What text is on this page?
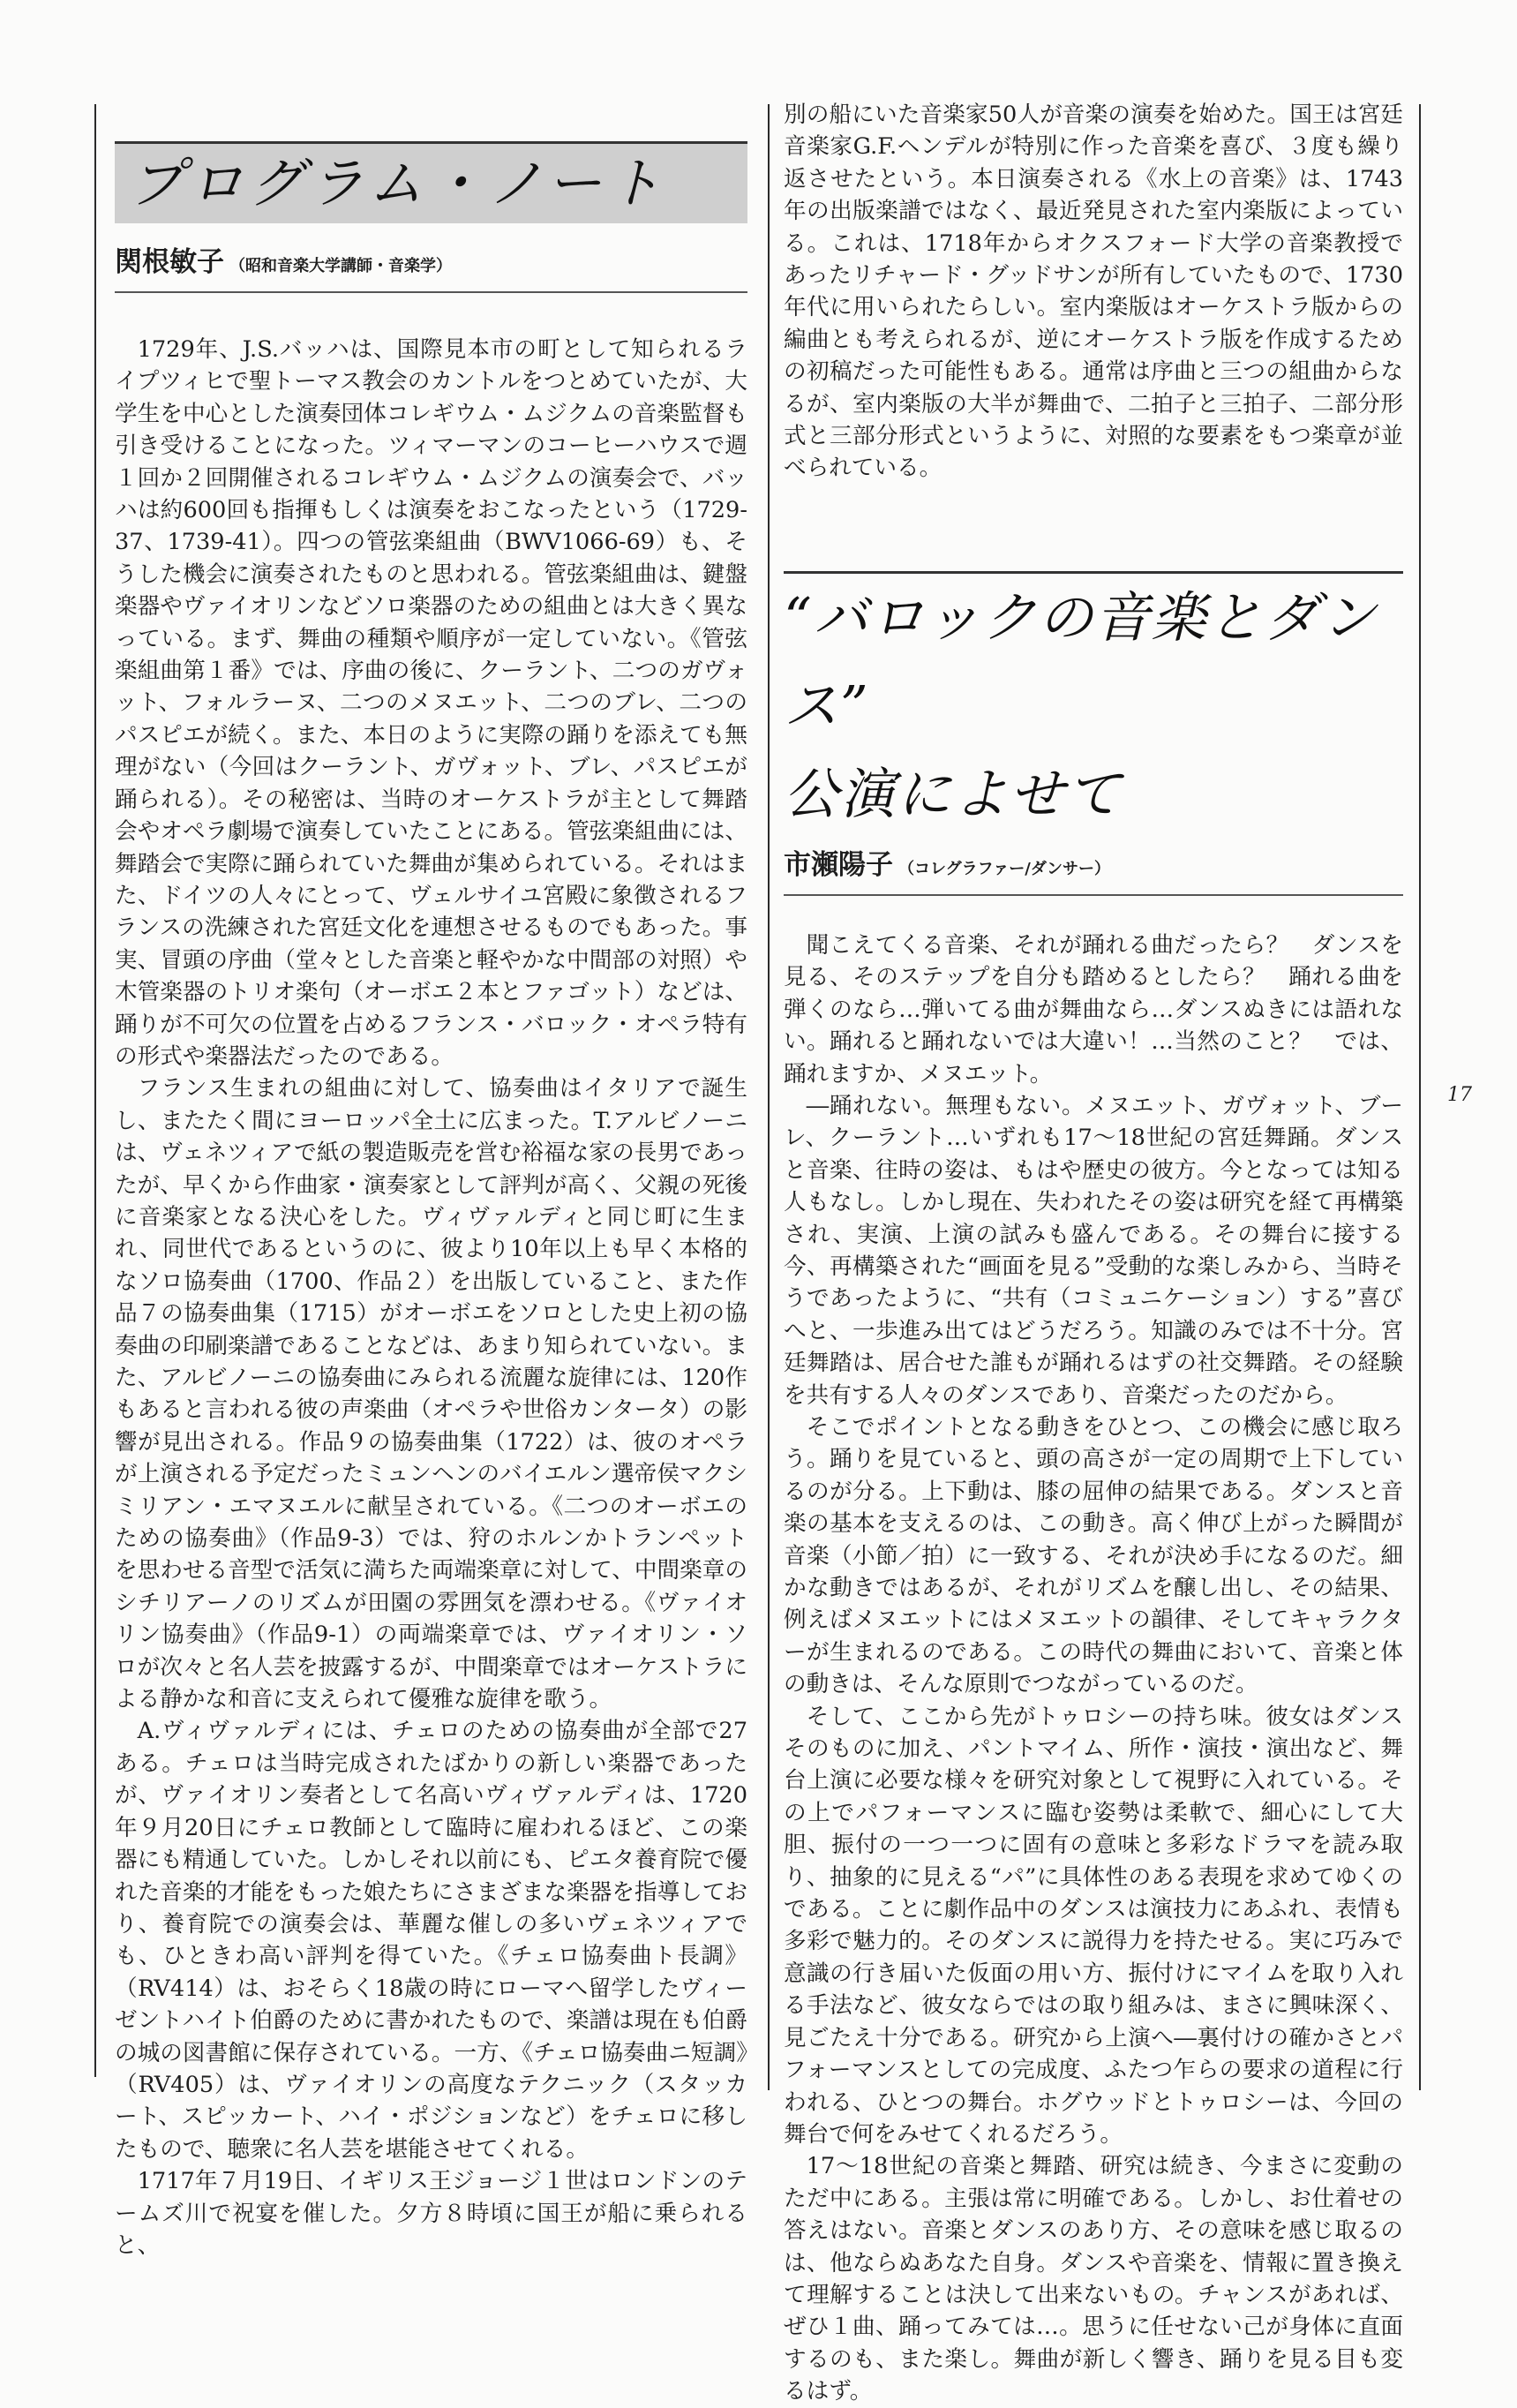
プログラム・ノート
関根敏子 （昭和音楽大学講師・音楽学）

1729年、J.S.バッハは、国際見本市の町として知られるライプツィヒで聖トーマス教会のカントルをつとめていたが、大学生を中心とした演奏団体コレギウム・ムジクムの音楽監督も引き受けることになった。ツィマーマンのコーヒーハウスで週１回か２回開催されるコレギウム・ムジクムの演奏会で、バッハは約600回も指揮もしくは演奏をおこなったという（1729-37、1739-41）。四つの管弦楽組曲（BWV1066-69）も、そうした機会に演奏されたものと思われる。管弦楽組曲は、鍵盤楽器やヴァイオリンなどソロ楽器のための組曲とは大きく異なっている。まず、舞曲の種類や順序が一定していない。《管弦楽組曲第１番》では、序曲の後に、クーラント、二つのガヴォット、フォルラーヌ、二つのメヌエット、二つのブレ、二つのパスピエが続く。また、本日のように実際の踊りを添えても無理がない（今回はクーラント、ガヴォット、ブレ、パスピエが踊られる）。その秘密は、当時のオーケストラが主として舞踏会やオペラ劇場で演奏していたことにある。管弦楽組曲には、舞踏会で実際に踊られていた舞曲が集められている。それはまた、ドイツの人々にとって、ヴェルサイユ宮殿に象徴されるフランスの洗練された宮廷文化を連想させるものでもあった。事実、冒頭の序曲（堂々とした音楽と軽やかな中間部の対照）や木管楽器のトリオ楽句（オーボエ２本とファゴット）などは、踊りが不可欠の位置を占めるフランス・バロック・オペラ特有の形式や楽器法だったのである。

フランス生まれの組曲に対して、協奏曲はイタリアで誕生し、またたく間にヨーロッパ全土に広まった。T.アルビノーニは、ヴェネツィアで紙の製造販売を営む裕福な家の長男であったが、早くから作曲家・演奏家として評判が高く、父親の死後に音楽家となる決心をした。ヴィヴァルディと同じ町に生まれ、同世代であるというのに、彼より10年以上も早く本格的なソロ協奏曲（1700、作品２）を出版していること、また作品７の協奏曲集（1715）がオーボエをソロとした史上初の協奏曲の印刷楽譜であることなどは、あまり知られていない。また、アルビノーニの協奏曲にみられる流麗な旋律には、120作もあると言われる彼の声楽曲（オペラや世俗カンタータ）の影響が見出される。作品９の協奏曲集（1722）は、彼のオペラが上演される予定だったミュンヘンのバイエルン選帝侯マクシミリアン・エマヌエルに献呈されている。《二つのオーボエのための協奏曲》（作品9-3）では、狩のホルンかトランペットを思わせる音型で活気に満ちた両端楽章に対して、中間楽章のシチリアーノのリズムが田園の雰囲気を漂わせる。《ヴァイオリン協奏曲》（作品9-1）の両端楽章では、ヴァイオリン・ソロが次々と名人芸を披露するが、中間楽章ではオーケストラによる静かな和音に支えられて優雅な旋律を歌う。

A.ヴィヴァルディには、チェロのための協奏曲が全部で27ある。チェロは当時完成されたばかりの新しい楽器であったが、ヴァイオリン奏者として名高いヴィヴァルディは、1720年９月20日にチェロ教師として臨時に雇われるほど、この楽器にも精通していた。しかしそれ以前にも、ピエタ養育院で優れた音楽的才能をもった娘たちにさまざまな楽器を指導しており、養育院での演奏会は、華麗な催しの多いヴェネツィアでも、ひときわ高い評判を得ていた。《チェロ協奏曲ト長調》（RV414）は、おそらく18歳の時にローマへ留学したヴィーゼントハイト伯爵のために書かれたもので、楽譜は現在も伯爵の城の図書館に保存されている。一方、《チェロ協奏曲ニ短調》（RV405）は、ヴァイオリンの高度なテクニック（スタッカート、スピッカート、ハイ・ポジションなど）をチェロに移したもので、聴衆に名人芸を堪能させてくれる。

1717年７月19日、イギリス王ジョージ１世はロンドンのテームズ川で祝宴を催した。夕方８時頃に国王が船に乗られると、

別の船にいた音楽家50人が音楽の演奏を始めた。国王は宮廷音楽家G.F.ヘンデルが特別に作った音楽を喜び、３度も繰り返させたという。本日演奏される《水上の音楽》は、1743年の出版楽譜ではなく、最近発見された室内楽版によっている。これは、1718年からオクスフォード大学の音楽教授であったリチャード・グッドサンが所有していたもので、1730年代に用いられたらしい。室内楽版はオーケストラ版からの編曲とも考えられるが、逆にオーケストラ版を作成するための初稿だった可能性もある。通常は序曲と三つの組曲からなるが、室内楽版の大半が舞曲で、二拍子と三拍子、二部分形式と三部分形式というように、対照的な要素をもつ楽章が並べられている。

“バロックの音楽とダンス”
公演によせて
市瀬陽子 （コレグラファー/ダンサー）

聞こえてくる音楽、それが踊れる曲だったら？　ダンスを見る、そのステップを自分も踏めるとしたら？　踊れる曲を弾くのなら…弾いてる曲が舞曲なら…ダンスぬきには語れない。踊れると踊れないでは大違い！…当然のこと？　では、踊れますか、メヌエット。

―踊れない。無理もない。メヌエット、ガヴォット、ブーレ、クーラント…いずれも17～18世紀の宮廷舞踊。ダンスと音楽、往時の姿は、もはや歴史の彼方。今となっては知る人もなし。しかし現在、失われたその姿は研究を経て再構築され、実演、上演の試みも盛んである。その舞台に接する今、再構築された“画面を見る”受動的な楽しみから、当時そうであったように、“共有（コミュニケーション）する”喜びへと、一歩進み出てはどうだろう。知識のみでは不十分。宮廷舞踏は、居合せた誰もが踊れるはずの社交舞踏。その経験を共有する人々のダンスであり、音楽だったのだから。

そこでポイントとなる動きをひとつ、この機会に感じ取ろう。踊りを見ていると、頭の高さが一定の周期で上下しているのが分る。上下動は、膝の屈伸の結果である。ダンスと音楽の基本を支えるのは、この動き。高く伸び上がった瞬間が音楽（小節／拍）に一致する、それが決め手になるのだ。細かな動きではあるが、それがリズムを醸し出し、その結果、例えばメヌエットにはメヌエットの韻律、そしてキャラクターが生まれるのである。この時代の舞曲において、音楽と体の動きは、そんな原則でつながっているのだ。

そして、ここから先がトゥロシーの持ち味。彼女はダンスそのものに加え、パントマイム、所作・演技・演出など、舞台上演に必要な様々を研究対象として視野に入れている。その上でパフォーマンスに臨む姿勢は柔軟で、細心にして大胆、振付の一つ一つに固有の意味と多彩なドラマを読み取り、抽象的に見える“パ”に具体性のある表現を求めてゆくのである。ことに劇作品中のダンスは演技力にあふれ、表情も多彩で魅力的。そのダンスに説得力を持たせる。実に巧みで意識の行き届いた仮面の用い方、振付けにマイムを取り入れる手法など、彼女ならではの取り組みは、まさに興味深く、見ごたえ十分である。研究から上演へ―裏付けの確かさとパフォーマンスとしての完成度、ふたつ乍らの要求の道程に行われる、ひとつの舞台。ホグウッドとトゥロシーは、今回の舞台で何をみせてくれるだろう。

17～18世紀の音楽と舞踏、研究は続き、今まさに変動のただ中にある。主張は常に明確である。しかし、お仕着せの答えはない。音楽とダンスのあり方、その意味を感じ取るのは、他ならぬあなた自身。ダンスや音楽を、情報に置き換えて理解することは決して出来ないもの。チャンスがあれば、ぜひ１曲、踊ってみては…。思うに任せない己が身体に直面するのも、また楽し。舞曲が新しく響き、踊りを見る目も変るはず。

17
